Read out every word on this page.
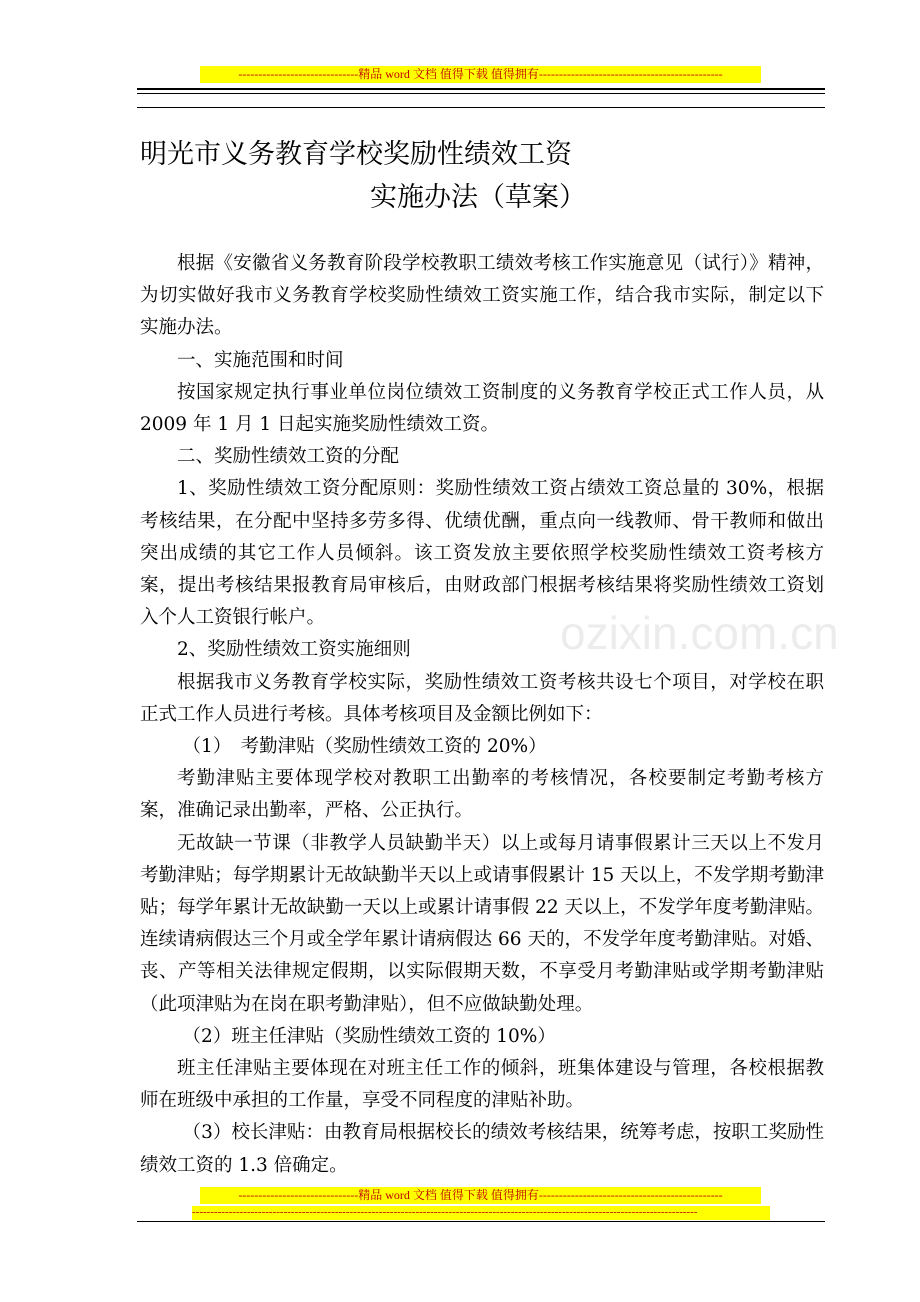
------------------------------精品 word 文档 值得下载 值得拥有----------------------------------------------
明光市义务教育学校奖励性绩效工资
实施办法（草案）
ozixin.com.cn

根据《安徽省义务教育阶段学校教职工绩效考核工作实施意见（试行）》精神，为切实做好我市义务教育学校奖励性绩效工资实施工作，结合我市实际，制定以下实施办法。

一、实施范围和时间

按国家规定执行事业单位岗位绩效工资制度的义务教育学校正式工作人员，从 2009 年 1 月 1 日起实施奖励性绩效工资。

二、奖励性绩效工资的分配

1、奖励性绩效工资分配原则：奖励性绩效工资占绩效工资总量的 30%，根据考核结果，在分配中坚持多劳多得、优绩优酬，重点向一线教师、骨干教师和做出突出成绩的其它工作人员倾斜。该工资发放主要依照学校奖励性绩效工资考核方案，提出考核结果报教育局审核后，由财政部门根据考核结果将奖励性绩效工资划入个人工资银行帐户。

2、奖励性绩效工资实施细则

根据我市义务教育学校实际，奖励性绩效工资考核共设七个项目，对学校在职正式工作人员进行考核。具体考核项目及金额比例如下：

（1）　考勤津贴（奖励性绩效工资的 20%）

考勤津贴主要体现学校对教职工出勤率的考核情况，各校要制定考勤考核方案，准确记录出勤率，严格、公正执行。

无故缺一节课（非教学人员缺勤半天）以上或每月请事假累计三天以上不发月考勤津贴；每学期累计无故缺勤半天以上或请事假累计 15 天以上，不发学期考勤津贴；每学年累计无故缺勤一天以上或累计请事假 22 天以上，不发学年度考勤津贴。连续请病假达三个月或全学年累计请病假达 66 天的，不发学年度考勤津贴。对婚、丧、产等相关法律规定假期，以实际假期天数，不享受月考勤津贴或学期考勤津贴（此项津贴为在岗在职考勤津贴），但不应做缺勤处理。

（2）班主任津贴（奖励性绩效工资的 10%）

班主任津贴主要体现在对班主任工作的倾斜，班集体建设与管理，各校根据教师在班级中承担的工作量，享受不同程度的津贴补助。

（3）校长津贴：由教育局根据校长的绩效考核结果，统筹考虑，按职工奖励性绩效工资的 1.3 倍确定。

------------------------------精品 word 文档 值得下载 值得拥有----------------------------------------------
------------------------------------------------------------------------------------------------------------------------------------------
